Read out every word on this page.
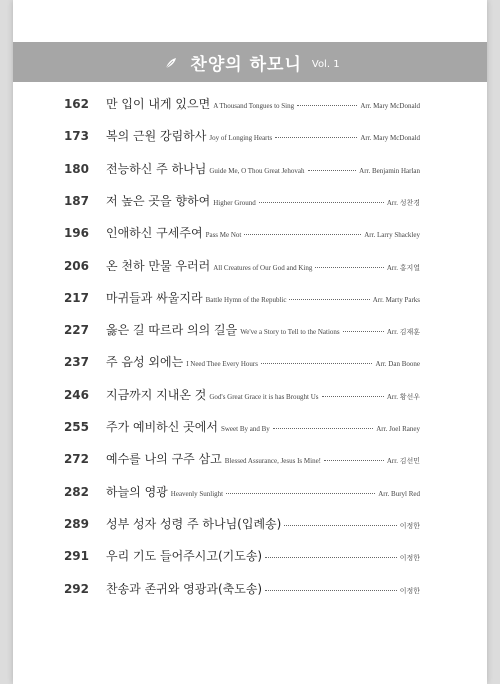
찬양의 하모니 Vol. 1
162	만 입이 내게 있으면 A Thousand Tongues to Sing	Arr. Mary McDonald
173	복의 근원 강림하사 Joy of Longing Hearts	Arr. Mary McDonald
180	전능하신 주 하나님 Guide Me, O Thou Great Jehovah	Arr. Benjamin Harlan
187	저 높은 곳을 향하여 Higher Ground	Arr. 성찬경
196	인애하신 구세주여 Pass Me Not	Arr. Larry Shackley
206	온 천하 만물 우러러 All Creatures of Our God and King	Arr. 홍지열
217	마귀들과 싸울지라 Battle Hymn of the Republic	Arr. Marty Parks
227	옳은 길 따르라 의의 길을 We've a Story to Tell to the Nations	Arr. 김재훈
237	주 음성 외에는 I Need Thee Every Hours	Arr. Dan Boone
246	지금까지 지내온 것 God's Great Grace it is has Brought Us	Arr. 황선우
255	주가 예비하신 곳에서 Sweet By and By	Arr. Joel Raney
272	예수를 나의 구주 삼고 Blessed Assurance, Jesus Is Mine!	Arr. 김선민
282	하늘의 영광 Heavenly Sunlight	Arr. Buryl Red
289	성부 성자 성령 주 하나님(입례송)	이정한
291	우리 기도 들어주시고(기도송)	이정한
292	찬송과 존귀와 영광과(축도송)	이정한
